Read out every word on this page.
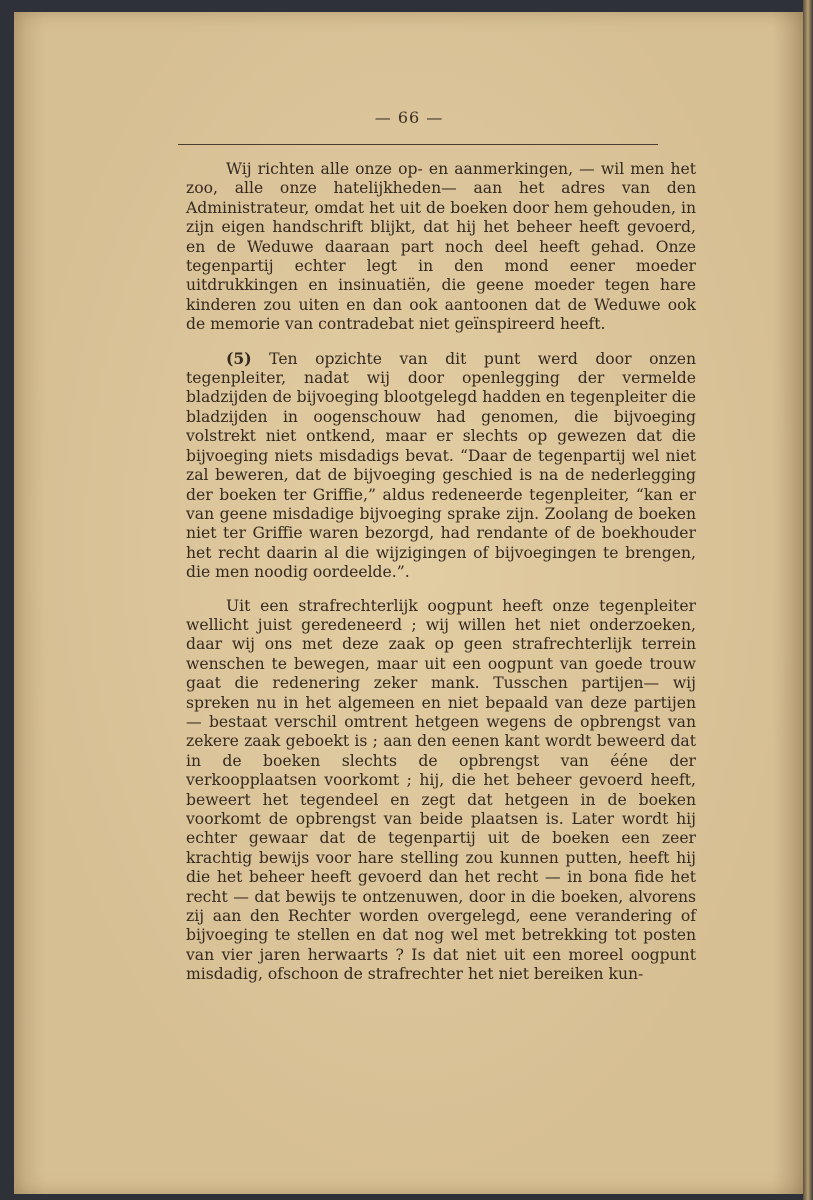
— 66 —

Wij richten alle onze op- en aanmerkingen, — wil men het zoo, alle onze hatelijkheden— aan het adres van den Administrateur, omdat het uit de boeken door hem gehouden, in zijn eigen handschrift blijkt, dat hij het beheer heeft gevoerd, en de Weduwe daaraan part noch deel heeft gehad. Onze tegenpartij echter legt in den mond eener moeder uitdrukkingen en insinuatiën, die geene moeder tegen hare kinderen zou uiten en dan ook aantoonen dat de Weduwe ook de memorie van contradebat niet geïnspireerd heeft.

(5) Ten opzichte van dit punt werd door onzen tegenpleiter, nadat wij door openlegging der vermelde bladzijden de bijvoeging blootgelegd hadden en tegenpleiter die bladzijden in oogenschouw had genomen, die bijvoeging volstrekt niet ontkend, maar er slechts op gewezen dat die bijvoeging niets misdadigs bevat. “Daar de tegenpartij wel niet zal beweren, dat de bijvoeging geschied is na de nederlegging der boeken ter Griffie,” aldus redeneerde tegenpleiter, “kan er van geene misdadige bijvoeging sprake zijn. Zoolang de boeken niet ter Griffie waren bezorgd, had rendante of de boekhouder het recht daarin al die wijzigingen of bijvoegingen te brengen, die men noodig oordeelde.”.

Uit een strafrechterlijk oogpunt heeft onze tegenpleiter wellicht juist geredeneerd ; wij willen het niet onderzoeken, daar wij ons met deze zaak op geen strafrechterlijk terrein wenschen te bewegen, maar uit een oogpunt van goede trouw gaat die redenering zeker mank. Tusschen partijen— wij spreken nu in het algemeen en niet bepaald van deze partijen — bestaat verschil omtrent hetgeen wegens de opbrengst van zekere zaak geboekt is ; aan den eenen kant wordt beweerd dat in de boeken slechts de opbrengst van ééne der verkoopplaatsen voorkomt ; hij, die het beheer gevoerd heeft, beweert het tegendeel en zegt dat hetgeen in de boeken voorkomt de opbrengst van beide plaatsen is. Later wordt hij echter gewaar dat de tegenpartij uit de boeken een zeer krachtig bewijs voor hare stelling zou kunnen putten, heeft hij die het beheer heeft gevoerd dan het recht — in bona fide het recht — dat bewijs te ontzenuwen, door in die boeken, alvorens zij aan den Rechter worden overgelegd, eene verandering of bijvoeging te stellen en dat nog wel met betrekking tot posten van vier jaren herwaarts ? Is dat niet uit een moreel oogpunt misdadig, ofschoon de strafrechter het niet bereiken kun-
